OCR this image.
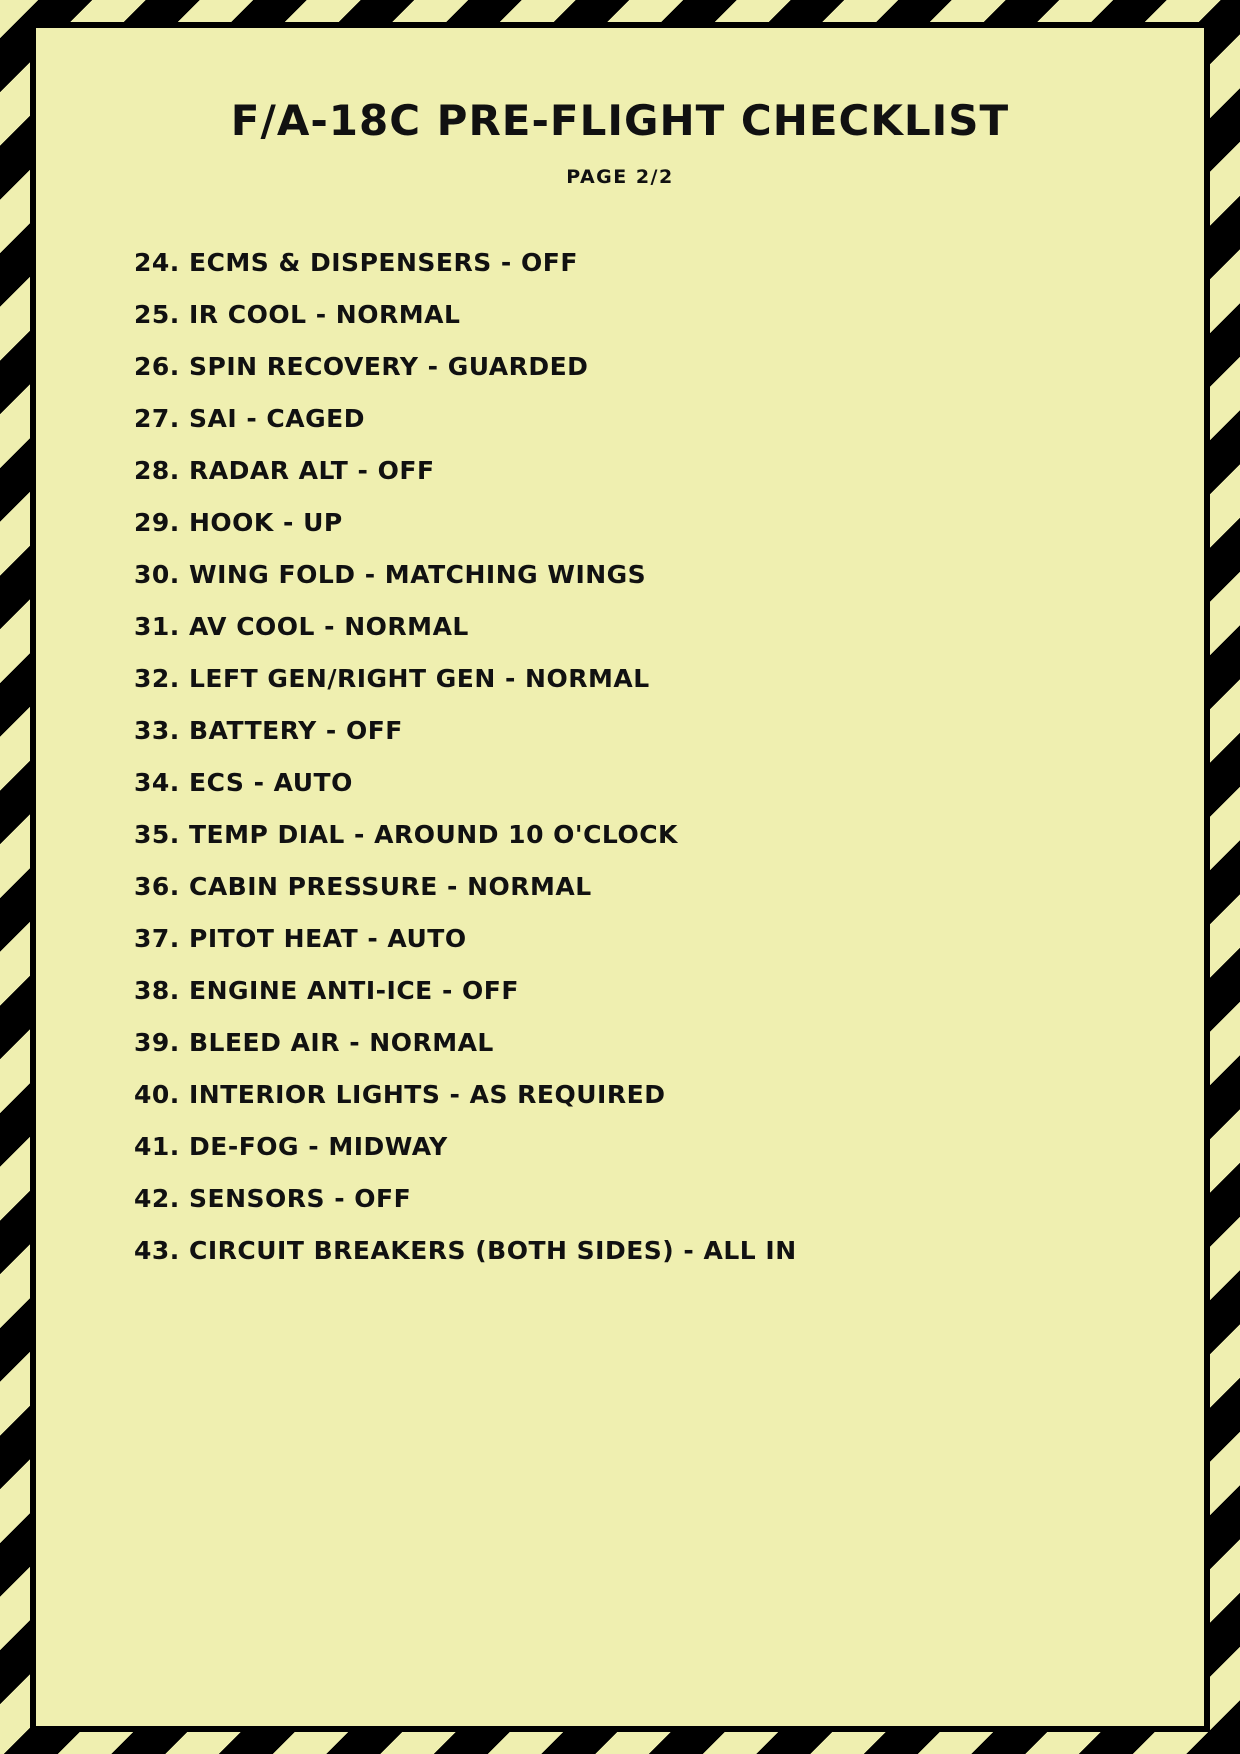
F/A-18C PRE-FLIGHT CHECKLIST
PAGE 2/2
24. ECMS & DISPENSERS - OFF
25. IR COOL - NORMAL
26. SPIN RECOVERY - GUARDED
27. SAI - CAGED
28. RADAR ALT - OFF
29. HOOK - UP
30. WING FOLD - MATCHING WINGS
31. AV COOL - NORMAL
32. LEFT GEN/RIGHT GEN - NORMAL
33. BATTERY - OFF
34. ECS - AUTO
35. TEMP DIAL - AROUND 10 O'CLOCK
36. CABIN PRESSURE - NORMAL
37. PITOT HEAT - AUTO
38. ENGINE ANTI-ICE - OFF
39. BLEED AIR - NORMAL
40. INTERIOR LIGHTS - AS REQUIRED
41. DE-FOG - MIDWAY
42. SENSORS - OFF
43. CIRCUIT BREAKERS (BOTH SIDES) - ALL IN
